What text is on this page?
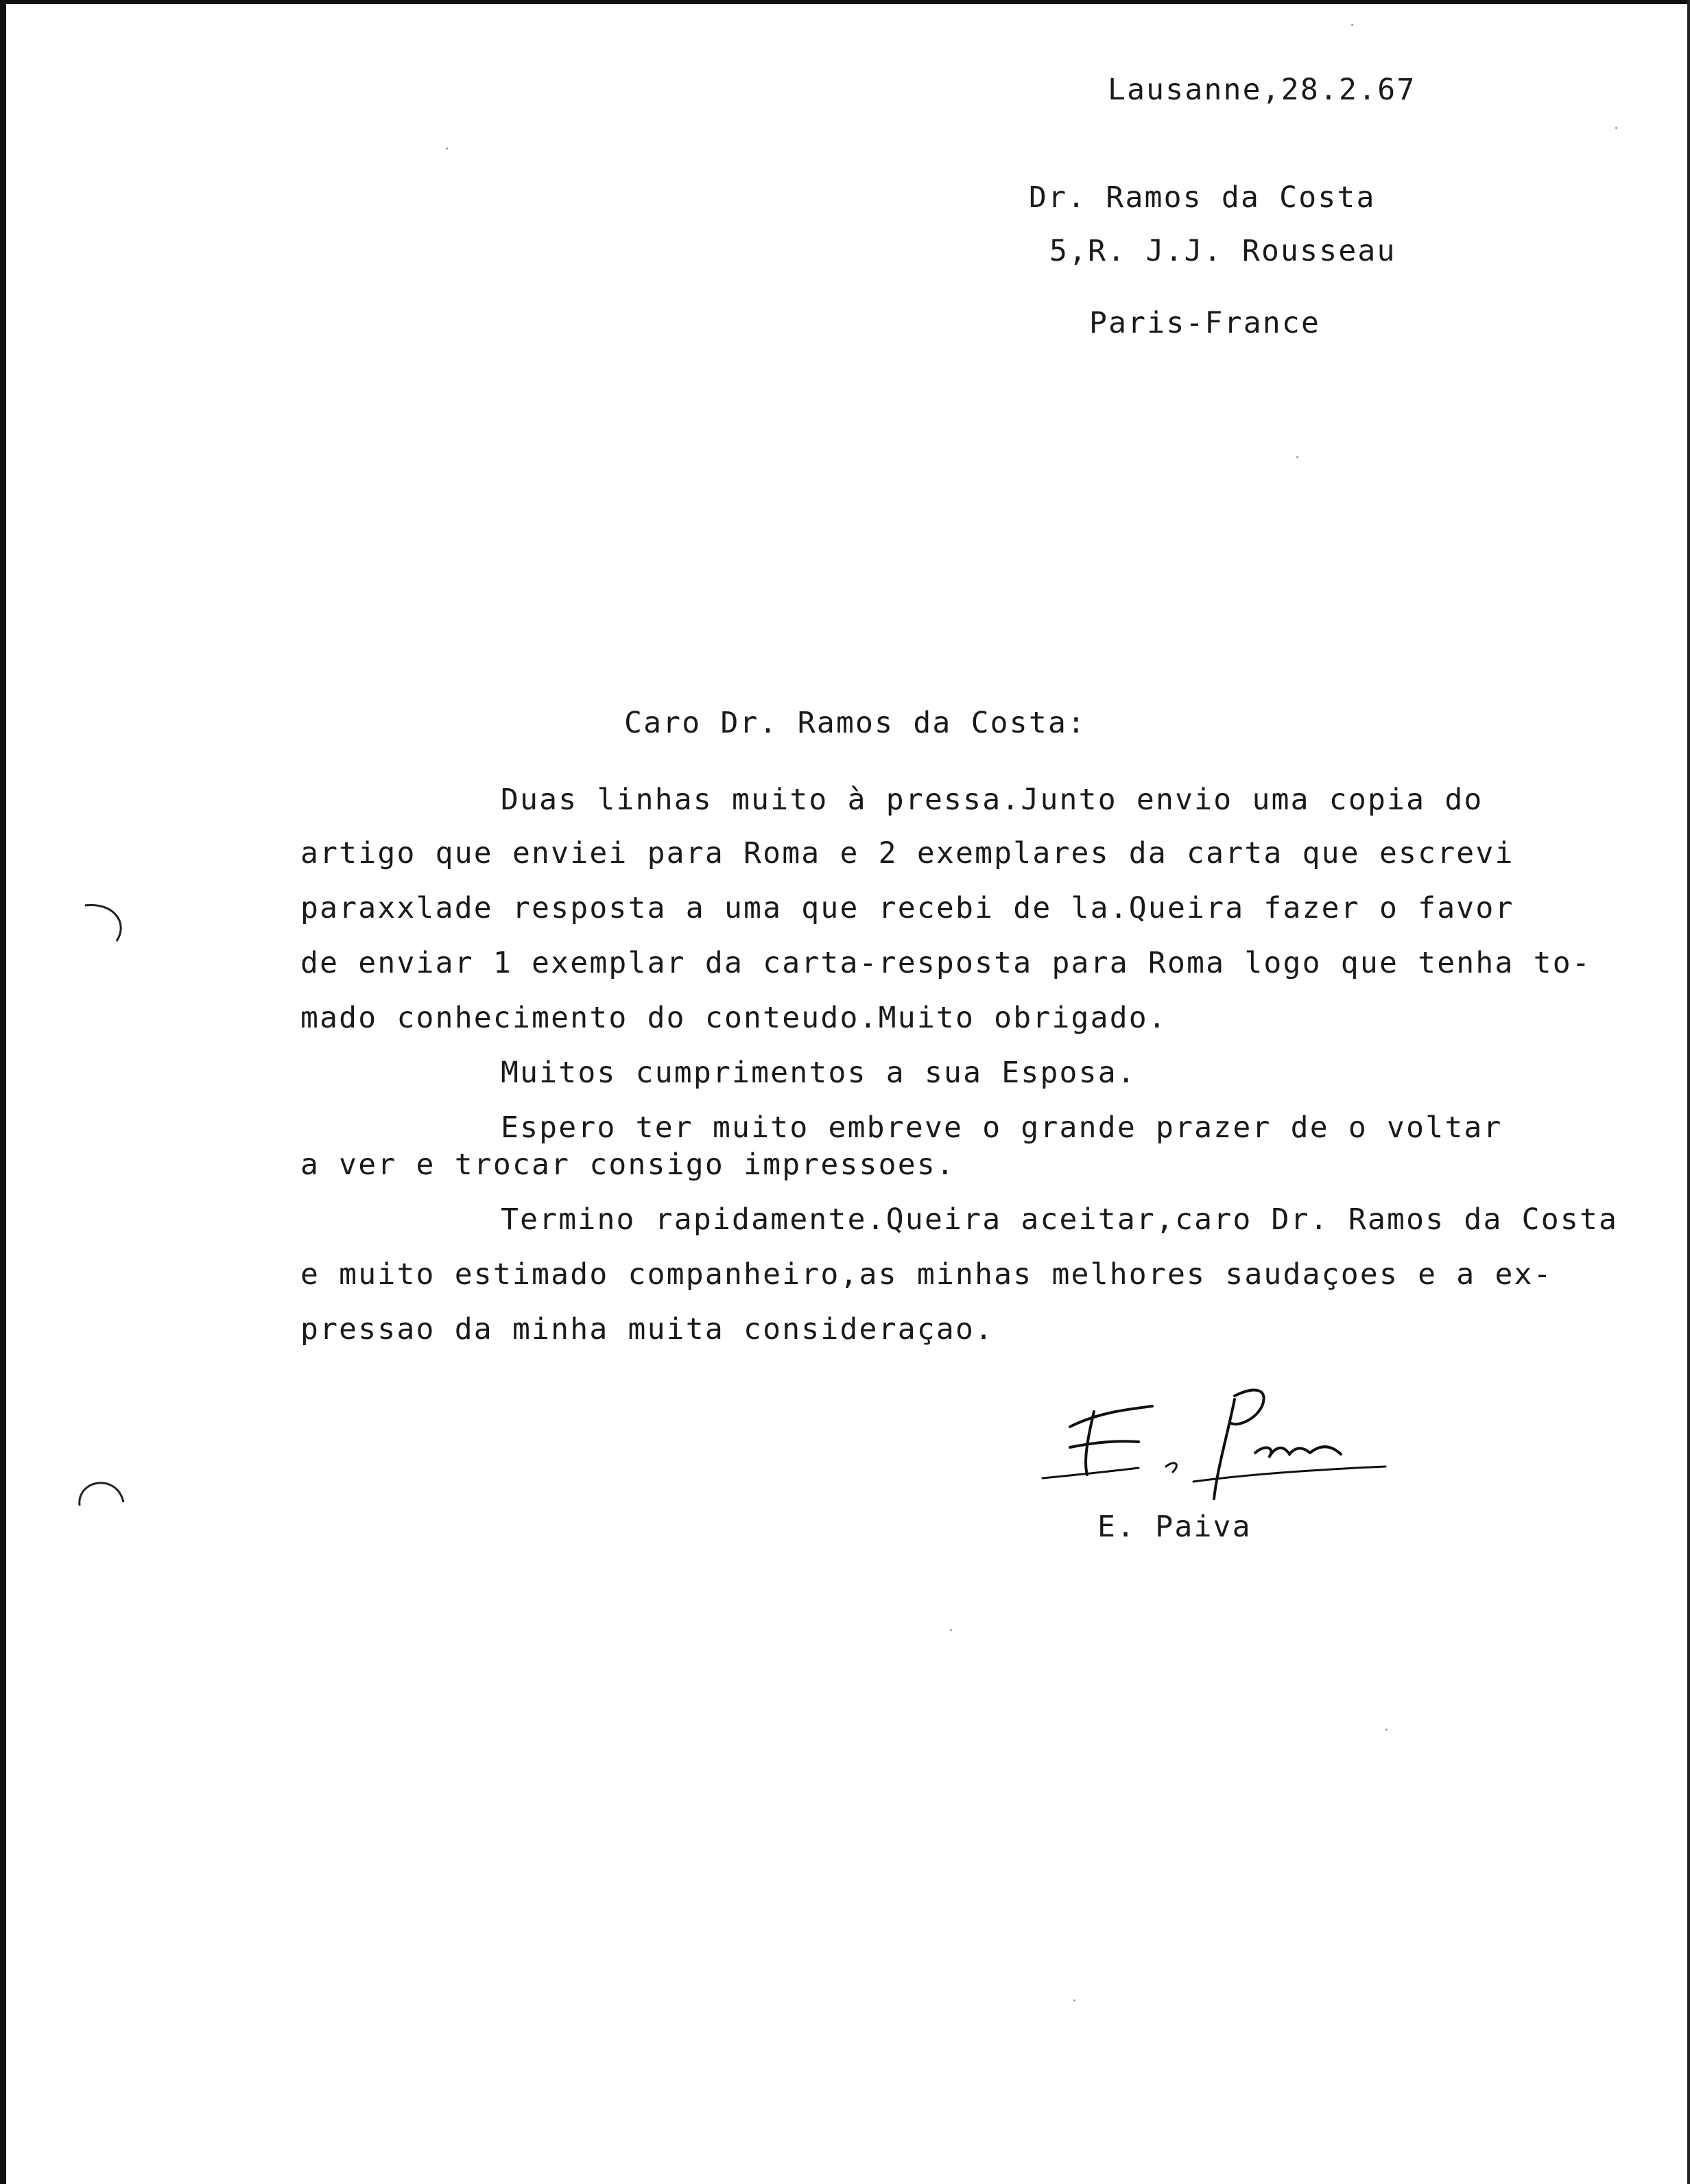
Lausanne,28.2.67
Dr. Ramos da Costa
5,R. J.J. Rousseau
Paris-France
Caro Dr. Ramos da Costa:
Duas linhas muito à pressa.Junto envio uma copia do
artigo que enviei para Roma e 2 exemplares da carta que escrevi
paraxxlade resposta a uma que recebi de la.Queira fazer o favor
de enviar 1 exemplar da carta-resposta para Roma logo que tenha to-
mado conhecimento do conteudo.Muito obrigado.
Muitos cumprimentos a sua Esposa.
Espero ter muito embreve o grande prazer de o voltar
a ver e trocar consigo impressoes.
Termino rapidamente.Queira aceitar,caro Dr. Ramos da Costa
e muito estimado companheiro,as minhas melhores saudaçoes e a ex-
pressao da minha muita consideraçao.
E. Paiva
